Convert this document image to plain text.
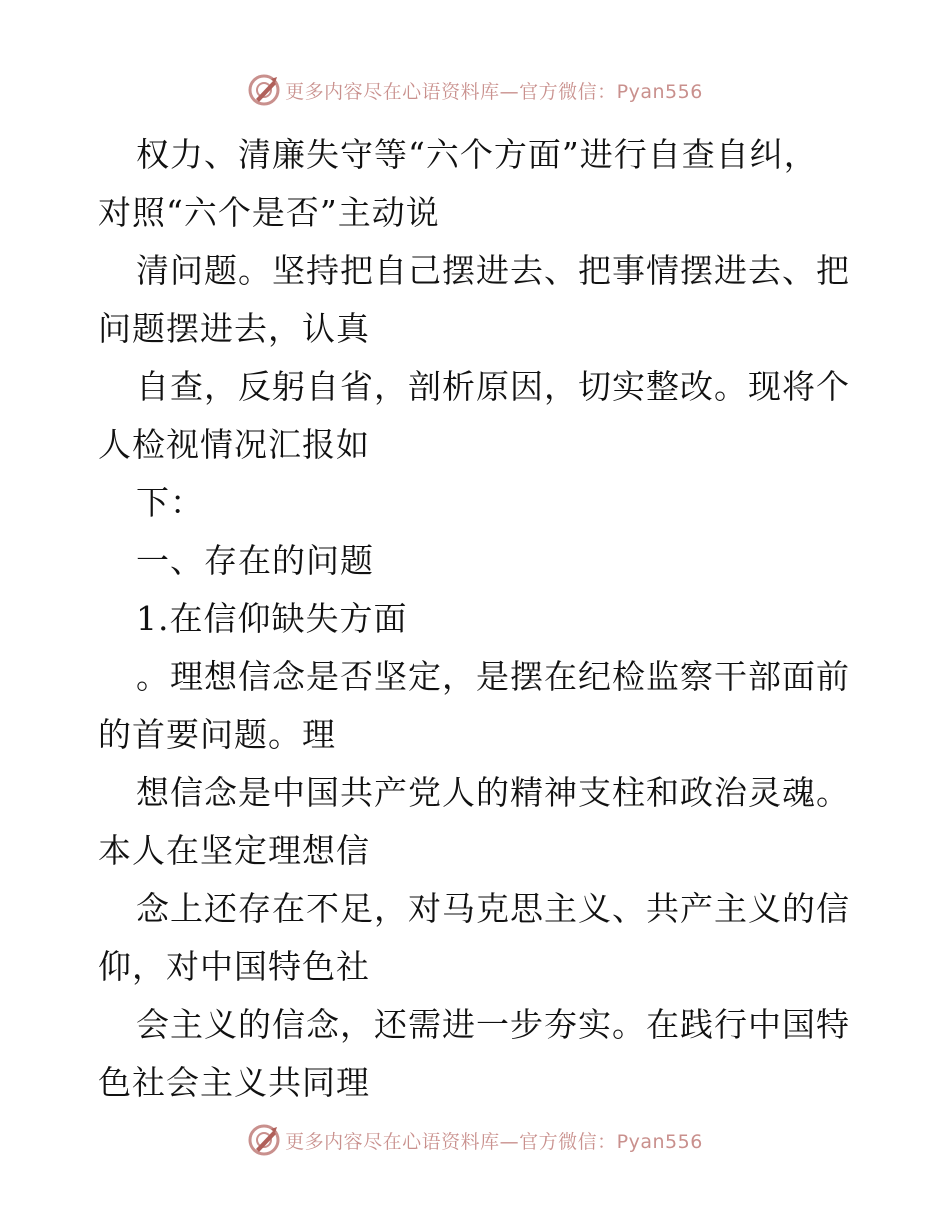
更多内容尽在心语资料库—官方微信：Pyan556
权力、清廉失守等“六个方面”进行自查自纠，
对照“六个是否”主动说
清问题。坚持把自己摆进去、把事情摆进去、把
问题摆进去，认真
自查，反躬自省，剖析原因，切实整改。现将个
人检视情况汇报如
下：
一、存在的问题
1.在信仰缺失方面
。理想信念是否坚定，是摆在纪检监察干部面前
的首要问题。理
想信念是中国共产党人的精神支柱和政治灵魂。
本人在坚定理想信
念上还存在不足，对马克思主义、共产主义的信
仰，对中国特色社
会主义的信念，还需进一步夯实。在践行中国特
色社会主义共同理
更多内容尽在心语资料库—官方微信：Pyan556
